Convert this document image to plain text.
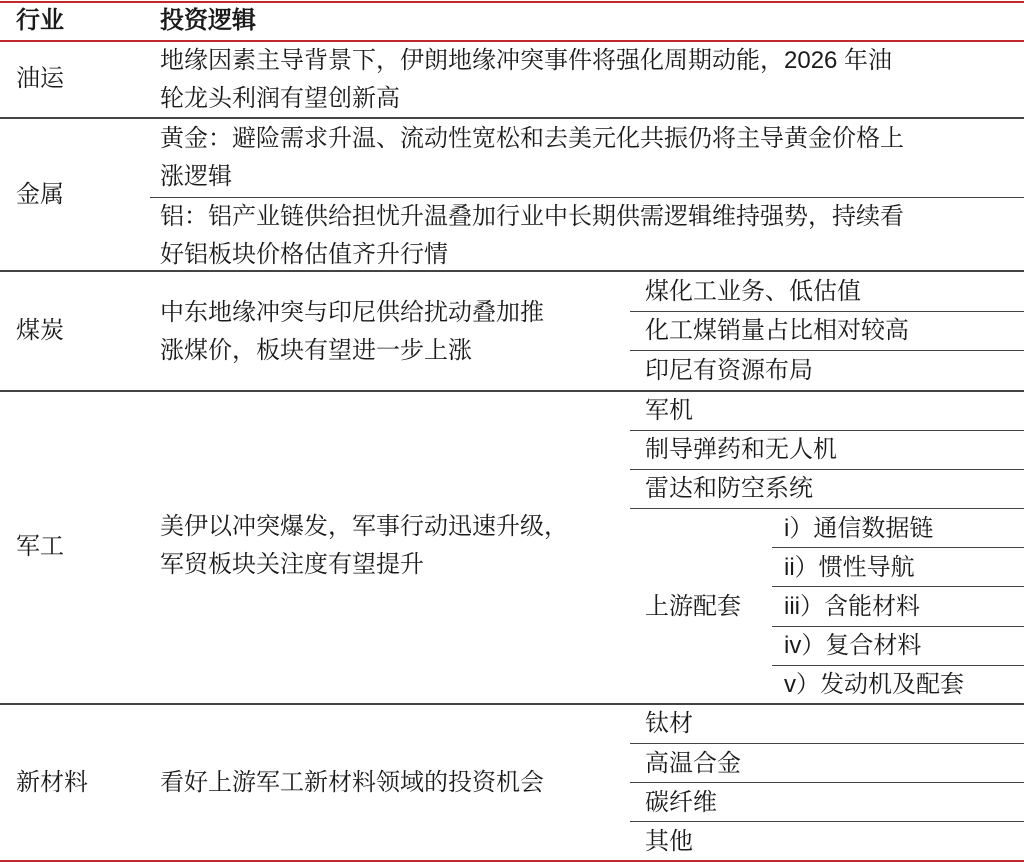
行业	投资逻辑
油运
地缘因素主导背景下，伊朗地缘冲突事件将强化周期动能，2026 年油
轮龙头利润有望创新高
金属
黄金：避险需求升温、流动性宽松和去美元化共振仍将主导黄金价格上
涨逻辑
铝：铝产业链供给担忧升温叠加行业中长期供需逻辑维持强势，持续看
好铝板块价格估值齐升行情
煤炭
中东地缘冲突与印尼供给扰动叠加推
涨煤价，板块有望进一步上涨
煤化工业务、低估值
化工煤销量占比相对较高
印尼有资源布局
军工
美伊以冲突爆发，军事行动迅速升级，
军贸板块关注度有望提升
军机
制导弹药和无人机
雷达和防空系统
上游配套
i）通信数据链
ii）惯性导航
iii）含能材料
iv）复合材料
v）发动机及配套
新材料	看好上游军工新材料领域的投资机会
钛材
高温合金
碳纤维
其他
